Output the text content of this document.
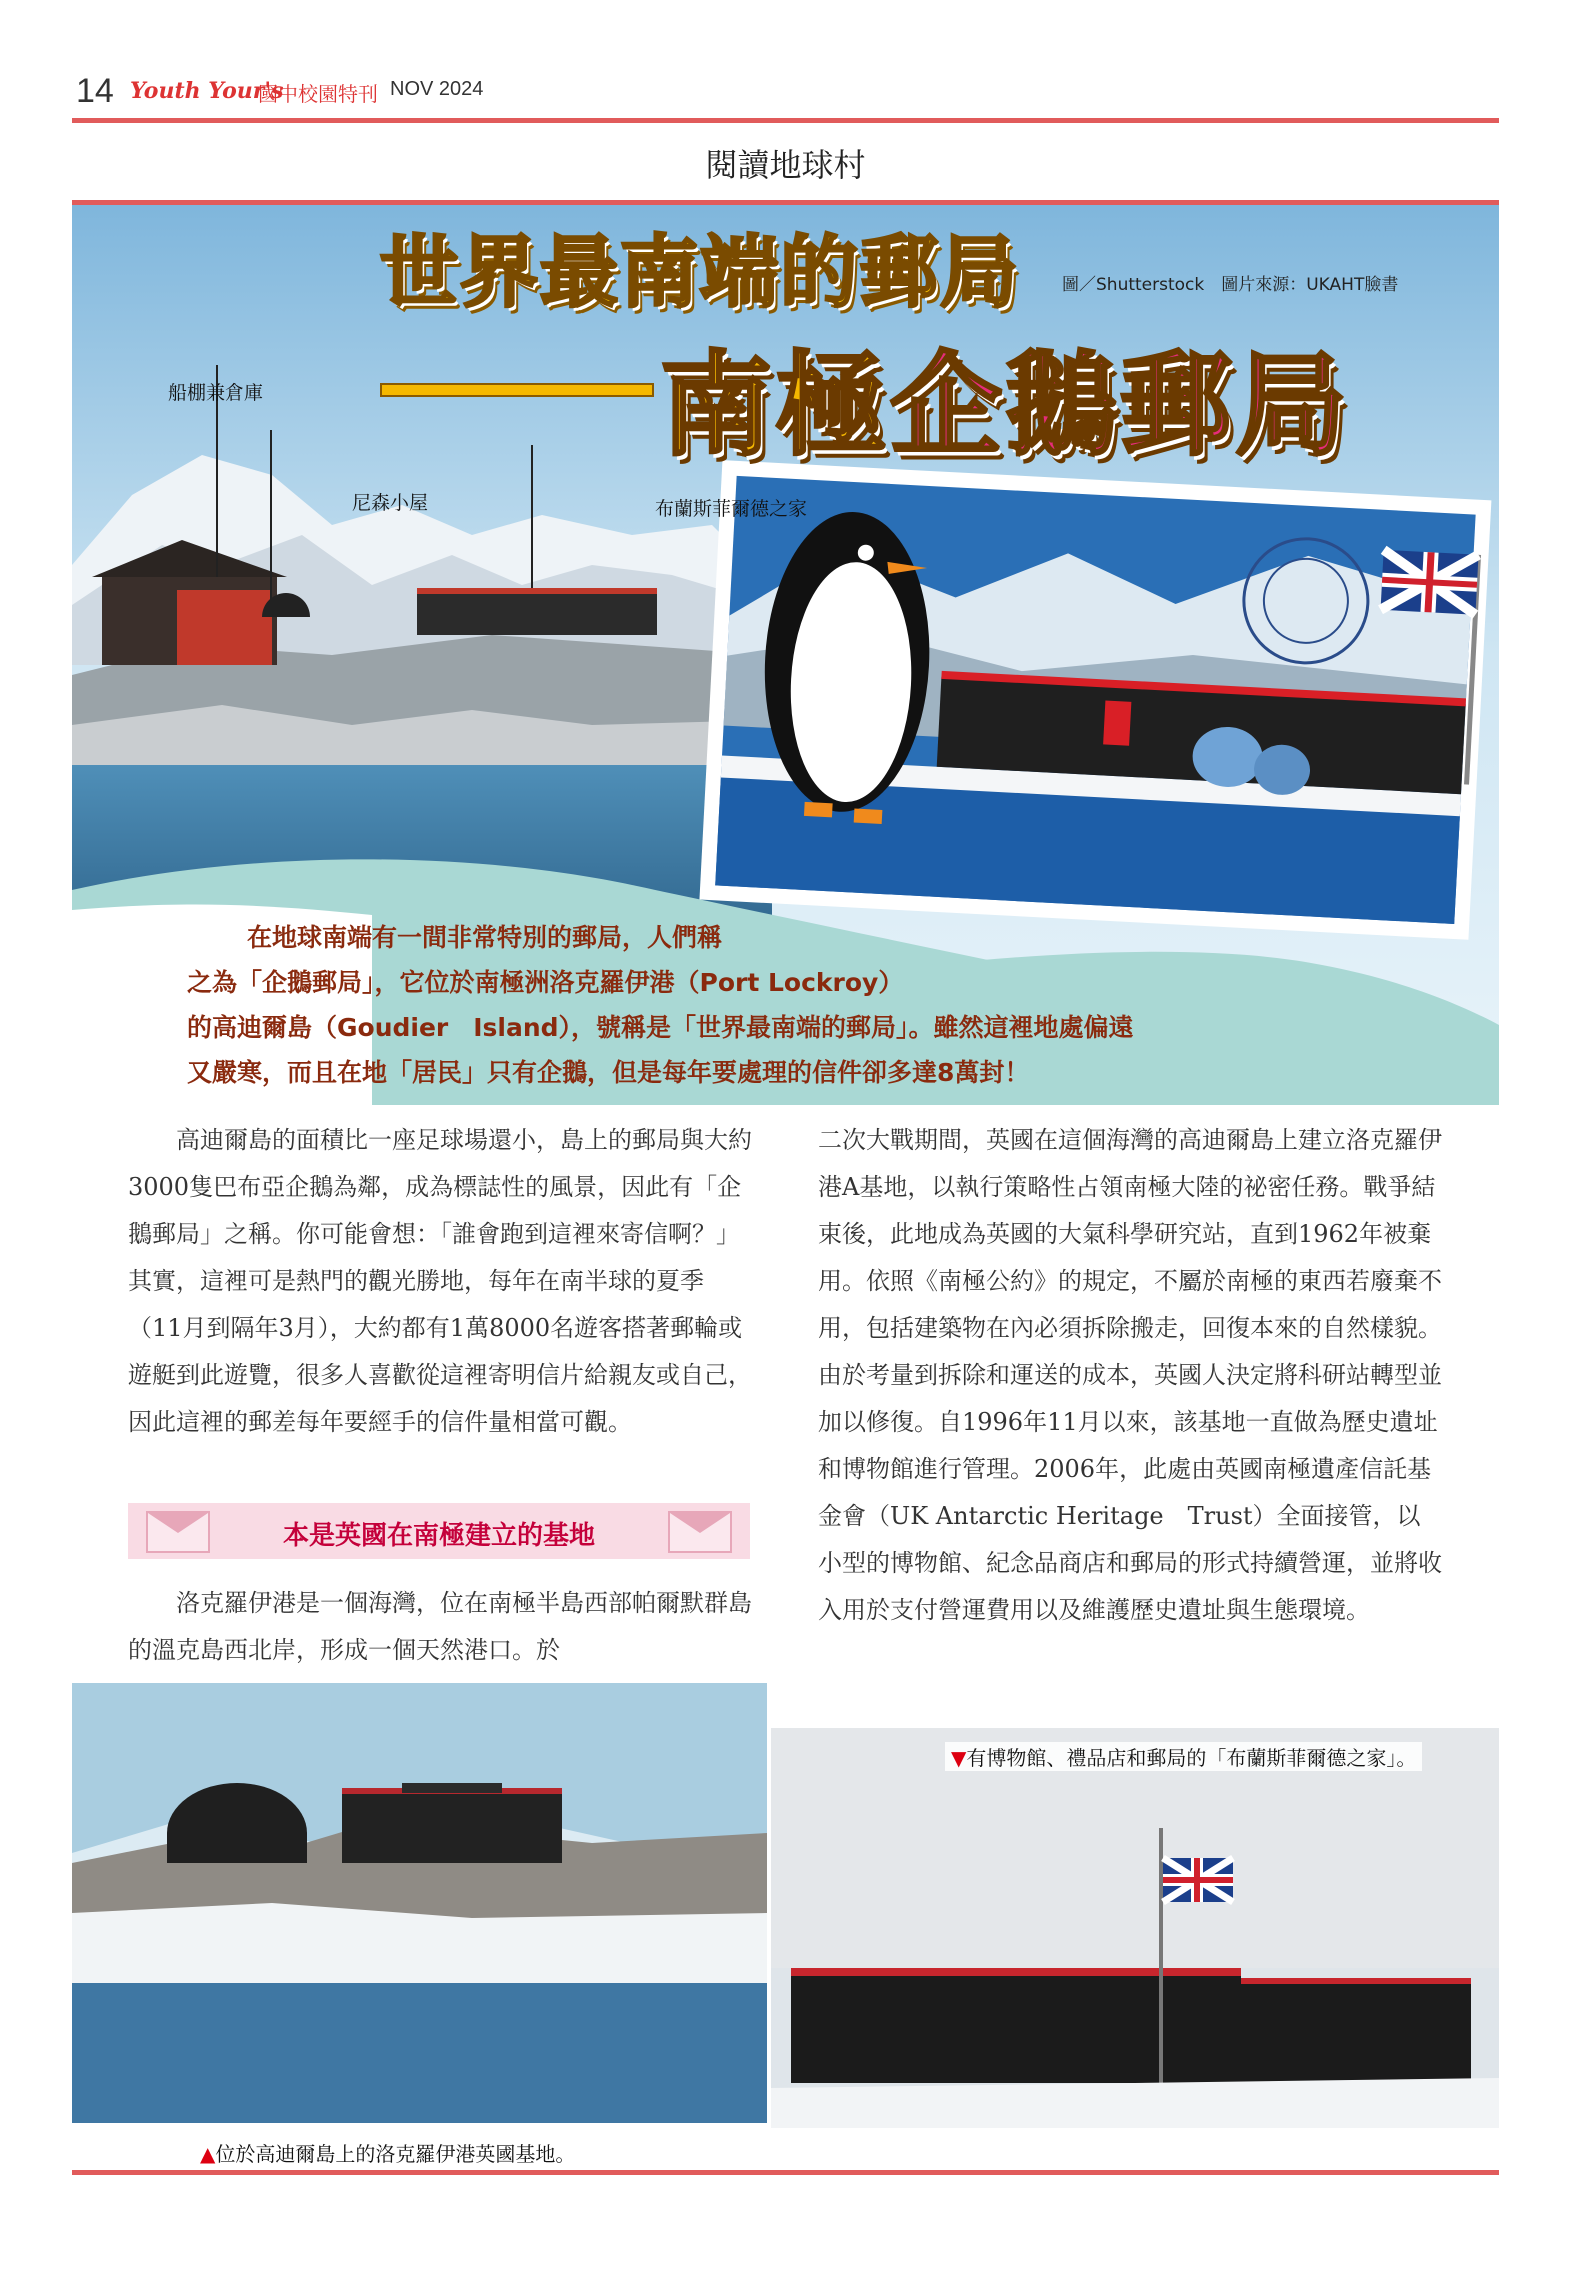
14 Youth Your's
國中校園特刊 NOV 2024
閱讀地球村
世界最南端的郵局
南極企鵝郵局
圖／Shutterstock　圖片來源：UKAHT臉書
船棚兼倉庫
尼森小屋	布蘭斯菲爾德之家
在地球南端有一間非常特別的郵局，人們稱
之為「企鵝郵局」，它位於南極洲洛克羅伊港（Port Lockroy）
的高迪爾島（Goudier　Island），號稱是「世界最南端的郵局」。雖然這裡地處偏遠
又嚴寒，而且在地「居民」只有企鵝，但是每年要處理的信件卻多達8萬封！

高迪爾島的面積比一座足球場還小，島上的郵局與大約3000隻巴布亞企鵝為鄰，成為標誌性的風景，因此有「企鵝郵局」之稱。你可能會想：「誰會跑到這裡來寄信啊？」其實，這裡可是熱門的觀光勝地，每年在南半球的夏季（11月到隔年3月），大約都有1萬8000名遊客搭著郵輪或遊艇到此遊覽，很多人喜歡從這裡寄明信片給親友或自己，因此這裡的郵差每年要經手的信件量相當可觀。

本是英國在南極建立的基地

洛克羅伊港是一個海灣，位在南極半島西部帕爾默群島的溫克島西北岸，形成一個天然港口。於

二次大戰期間，英國在這個海灣的高迪爾島上建立洛克羅伊港A基地，以執行策略性占領南極大陸的祕密任務。戰爭結束後，此地成為英國的大氣科學研究站，直到1962年被棄用。依照《南極公約》的規定，不屬於南極的東西若廢棄不用，包括建築物在內必須拆除搬走，回復本來的自然樣貌。由於考量到拆除和運送的成本，英國人決定將科研站轉型並加以修復。自1996年11月以來，該基地一直做為歷史遺址和博物館進行管理。2006年，此處由英國南極遺產信託基金會（UK Antarctic Heritage　Trust）全面接管，以小型的博物館、紀念品商店和郵局的形式持續營運，並將收入用於支付營運費用以及維護歷史遺址與生態環境。

▲位於高迪爾島上的洛克羅伊港英國基地。
▼有博物館、禮品店和郵局的「布蘭斯菲爾德之家」。
